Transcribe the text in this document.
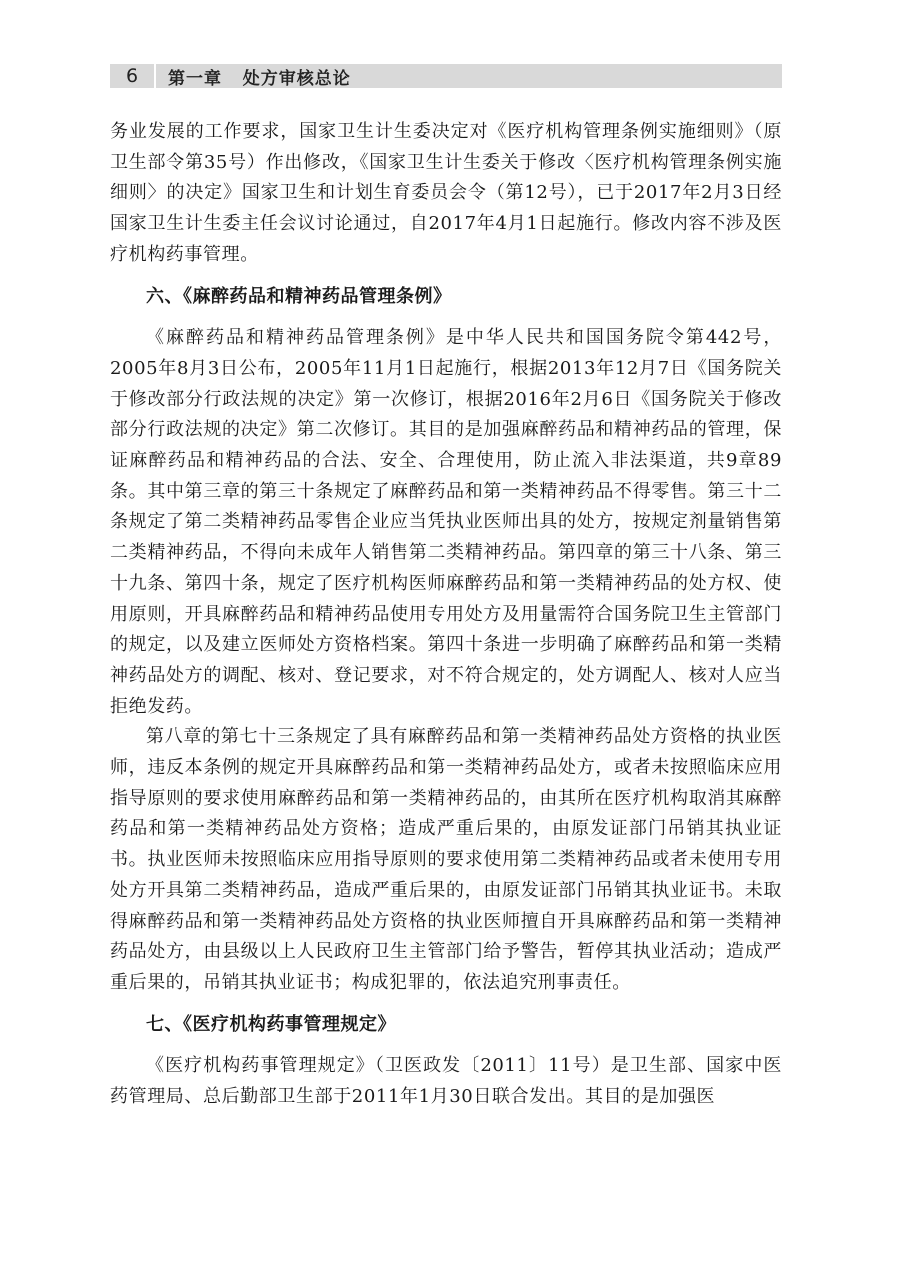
6	第一章   处方审核总论

务业发展的工作要求，国家卫生计生委决定对《医疗机构管理条例实施细则》（原卫生部令第35号）作出修改，《国家卫生计生委关于修改〈医疗机构管理条例实施细则〉的决定》国家卫生和计划生育委员会令（第12号），已于2017年2月3日经国家卫生计生委主任会议讨论通过，自2017年4月1日起施行。修改内容不涉及医疗机构药事管理。

六、《麻醉药品和精神药品管理条例》

《麻醉药品和精神药品管理条例》是中华人民共和国国务院令第442号，2005年8月3日公布，2005年11月1日起施行，根据2013年12月7日《国务院关于修改部分行政法规的决定》第一次修订，根据2016年2月6日《国务院关于修改部分行政法规的决定》第二次修订。其目的是加强麻醉药品和精神药品的管理，保证麻醉药品和精神药品的合法、安全、合理使用，防止流入非法渠道，共9章89条。其中第三章的第三十条规定了麻醉药品和第一类精神药品不得零售。第三十二条规定了第二类精神药品零售企业应当凭执业医师出具的处方，按规定剂量销售第二类精神药品，不得向未成年人销售第二类精神药品。第四章的第三十八条、第三十九条、第四十条，规定了医疗机构医师麻醉药品和第一类精神药品的处方权、使用原则，开具麻醉药品和精神药品使用专用处方及用量需符合国务院卫生主管部门的规定，以及建立医师处方资格档案。第四十条进一步明确了麻醉药品和第一类精神药品处方的调配、核对、登记要求，对不符合规定的，处方调配人、核对人应当拒绝发药。

第八章的第七十三条规定了具有麻醉药品和第一类精神药品处方资格的执业医师，违反本条例的规定开具麻醉药品和第一类精神药品处方，或者未按照临床应用指导原则的要求使用麻醉药品和第一类精神药品的，由其所在医疗机构取消其麻醉药品和第一类精神药品处方资格；造成严重后果的，由原发证部门吊销其执业证书。执业医师未按照临床应用指导原则的要求使用第二类精神药品或者未使用专用处方开具第二类精神药品，造成严重后果的，由原发证部门吊销其执业证书。未取得麻醉药品和第一类精神药品处方资格的执业医师擅自开具麻醉药品和第一类精神药品处方，由县级以上人民政府卫生主管部门给予警告，暂停其执业活动；造成严重后果的，吊销其执业证书；构成犯罪的，依法追究刑事责任。

七、《医疗机构药事管理规定》

《医疗机构药事管理规定》（卫医政发〔2011〕11号）是卫生部、国家中医药管理局、总后勤部卫生部于2011年1月30日联合发出。其目的是加强医
